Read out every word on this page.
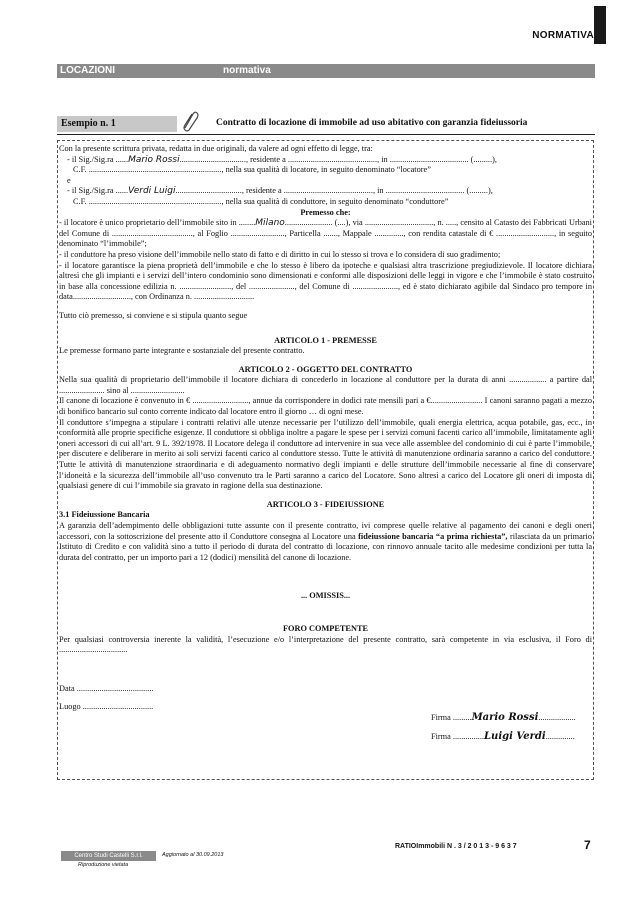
NORMATIVA
LOCAZIONI	normativa
Esempio n. 1	Contratto di locazione di immobile ad uso abitativo con garanzia fideiussoria

Con la presente scrittura privata, redatta in due originali, da valere ad ogni effetto di legge, tra:

- il Sig./Sig.ra ......Mario Rossi................................, residente a ..........................................., in ...................................... (.........),

C.F. ................................................................, nella sua qualità di locatore, in seguito denominato “locatore”

e

- il Sig./Sig.ra ......Verdi Luigi................................, residente a ..........................................., in ...................................... (.........),

C.F. ................................................................, nella sua qualità di conduttore, in seguito denominato “conduttore”

Premesso che:

- il locatore è unico proprietario dell’immobile sito in ........Milano....................... (....), via ................................., n. ....., censito al Catasto dei Fabbricati Urbani del Comune di ......................................., al Foglio .........................., Particella ......., Mappale .............., con rendita catastale di € ............................, in seguito denominato “l’immobile”;

- il conduttore ha preso visione dell’immobile nello stato di fatto e di diritto in cui lo stesso si trova e lo considera di suo gradimento;

- il locatore garantisce la piena proprietà dell’immobile e che lo stesso è libero da ipoteche e qualsiasi altra trascrizione pregiudizievole. Il locatore dichiara altresì che gli impianti e i servizi dell’intero condominio sono dimensionati e conformi alle disposizioni delle leggi in vigore e che l’immobile è stato costruito in base alla concessione edilizia n. ........................., del ......................, del Comune di ......................, ed è stato dichiarato agibile dal Sindaco pro tempore in data............................, con Ordinanza n. .............................

Tutto ciò premesso, si conviene e si stipula quanto segue

ARTICOLO 1 - PREMESSE

Le premesse formano parte integrante e sostanziale del presente contratto.

ARTICOLO 2 - OGGETTO DEL CONTRATTO

Nella sua qualità di proprietario dell’immobile il locatore dichiara di concederlo in locazione al conduttore per la durata di anni .................. a partire dal ...................... sino al ..........................

Il canone di locazione è convenuto in € ..........................., annue da corrispondere in dodici rate mensili pari a €......................... I canoni saranno pagati a mezzo di bonifico bancario sul conto corrente indicato dal locatore entro il giorno … di ogni mese.

Il conduttore s’impegna a stipulare i contratti relativi alle utenze necessarie per l’utilizzo dell’immobile, quali energia elettrica, acqua potabile, gas, ecc., in conformità alle proprie specifiche esigenze. Il conduttore si obbliga inoltre a pagare le spese per i servizi comuni facenti carico all’immobile, limitatamente agli oneri accessori di cui all’art. 9 L. 392/1978. Il Locatore delega il conduttore ad intervenire in sua vece alle assemblee del condominio di cui è parte l’immobile, per discutere e deliberare in merito ai soli servizi facenti carico al conduttore stesso. Tutte le attività di manutenzione ordinaria saranno a carico del conduttore. Tutte le attività di manutenzione straordinaria e di adeguamento normativo degli impianti e delle strutture dell’immobile necessarie al fine di conservare l’idoneità e la sicurezza dell’immobile all’uso convenuto tra le Parti saranno a carico del Locatore. Sono altresì a carico del Locatore gli oneri di imposta di qualsiasi genere di cui l’immobile sia gravato in ragione della sua destinazione.

ARTICOLO 3 - FIDEIUSSIONE

3.1 Fideiussione Bancaria

A garanzia dell’adempimento delle obbligazioni tutte assunte con il presente contratto, ivi comprese quelle relative al pagamento dei canoni e degli oneri accessori, con la sottoscrizione del presente atto il Conduttore consegna al Locatore una fideiussione bancaria “a prima richiesta”, rilasciata da un primario Istituto di Credito e con validità sino a tutto il periodo di durata del contratto di locazione, con rinnovo annuale tacito alle medesime condizioni per tutta la durata del contratto, per un importo pari a 12 (dodici) mensilità del canone di locazione.

... OMISSIS...

FORO COMPETENTE

Per qualsiasi controversia inerente la validità, l’esecuzione e/o l’interpretazione del presente contratto, sarà competente in via esclusiva, il Foro di .................................

Data .....................................

Luogo ..................................

Firma .........Mario Rossi..................

Firma ...............Luigi Verdi..............

RATIOImmobili N . 3 / 2 0 1 3 - 9 6 3 7	7
Centro Studi Castelli S.r.l.
Riproduzione vietata
Aggiornato al 30.09.2013
